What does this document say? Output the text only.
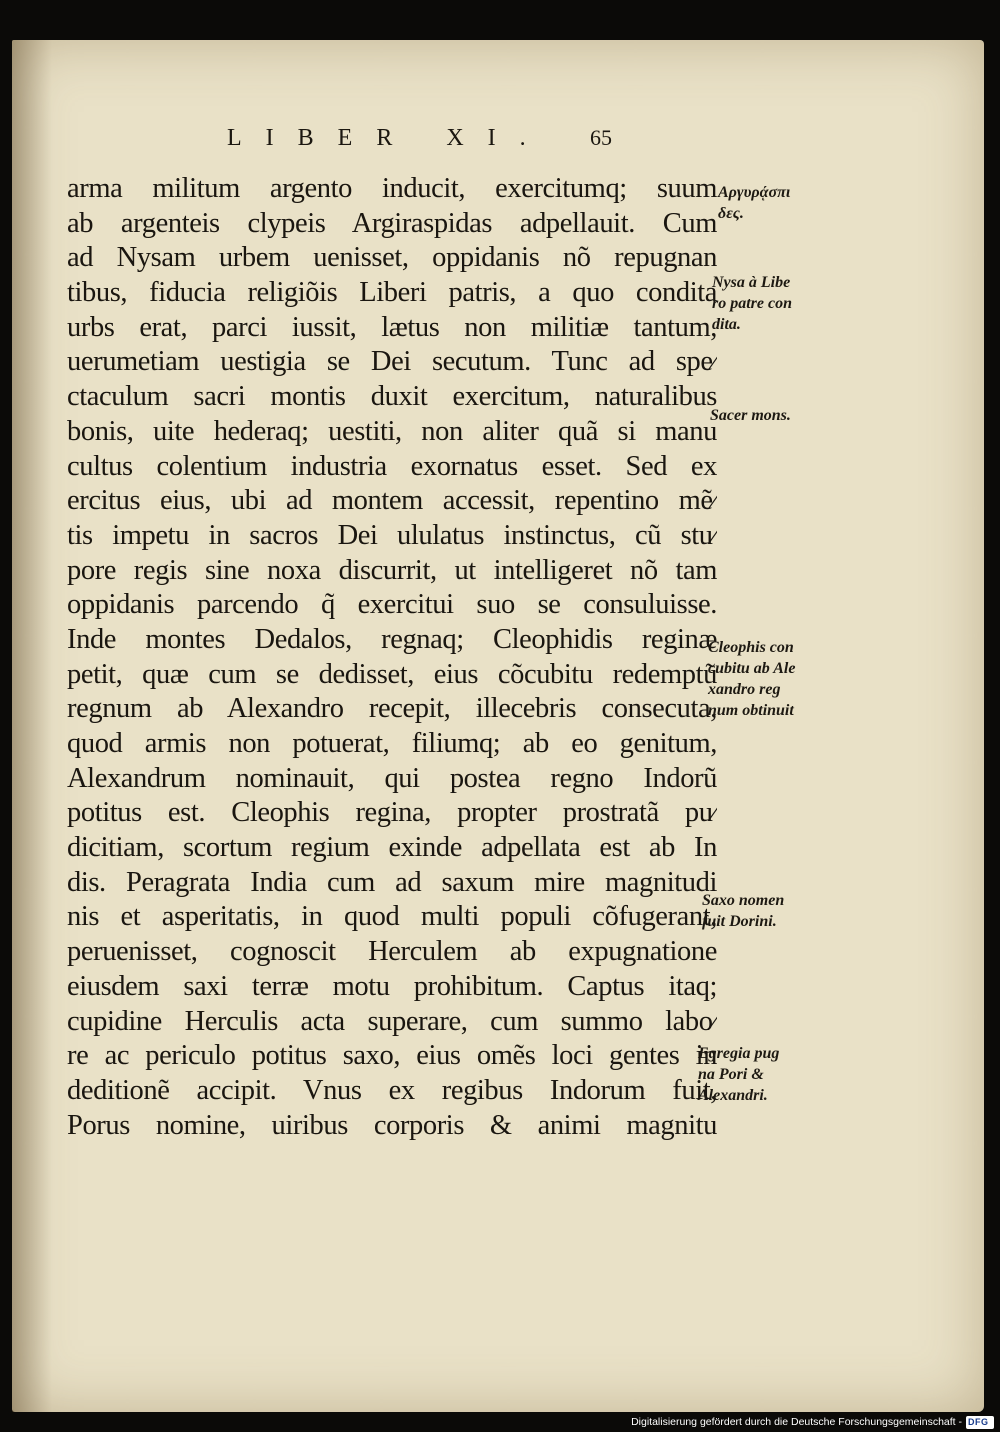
LIBER XI. 65
arma militum argento inducit, exercitumq; suum
ab argenteis clypeis Argiraspidas adpellauit. Cum
ad Nysam urbem uenisset, oppidanis nõ repugnan
tibus, fiducia religiõis Liberi patris, a quo condita
urbs erat, parci iussit, lætus non militiæ tantum,
uerumetiam uestigia se Dei secutum. Tunc ad spe⁄
ctaculum sacri montis duxit exercitum, naturalibus
bonis, uite hederaq; uestiti, non aliter quã si manu
cultus colentium industria exornatus esset. Sed ex
ercitus eius, ubi ad montem accessit, repentino mẽ⁄
tis impetu in sacros Dei ululatus instinctus, cũ stu⁄
pore regis sine noxa discurrit, ut intelligeret nõ tam
oppidanis parcendo q̃ exercitui suo se consuluisse.
Inde montes Dedalos, regnaq; Cleophidis reginæ
petit, quæ cum se dedisset, eius cõcubitu redemptũ
regnum ab Alexandro recepit, illecebris consecuta,
quod armis non potuerat, filiumq; ab eo genitum,
Alexandrum nominauit, qui postea regno Indorũ
potitus est. Cleophis regina, propter prostratã pu⁄
dicitiam, scortum regium exinde adpellata est ab In
dis. Peragrata India cum ad saxum mire magnitudi
nis et asperitatis, in quod multi populi cõfugerant,
peruenisset, cognoscit Herculem ab expugnatione
eiusdem saxi terræ motu prohibitum. Captus itaq;
cupidine Herculis acta superare, cum summo labo⁄
re ac periculo potitus saxo, eius omẽs loci gentes in
deditionẽ accipit. Vnus ex regibus Indorum fuit,
Porus nomine, uiribus corporis & animi magnitu
Αργυρᾴσπι
δες.
Nysa à Libe
ro patre con
dita.
Sacer mons.
Cleophis con
cubitu ab Ale
xandro reg
num obtinuit
Saxo nomen
fuit Dorini.
Egregia pug
na Pori &
Alexandri.
Digitalisierung gefördert durch die Deutsche Forschungsgemeinschaft - DFG
